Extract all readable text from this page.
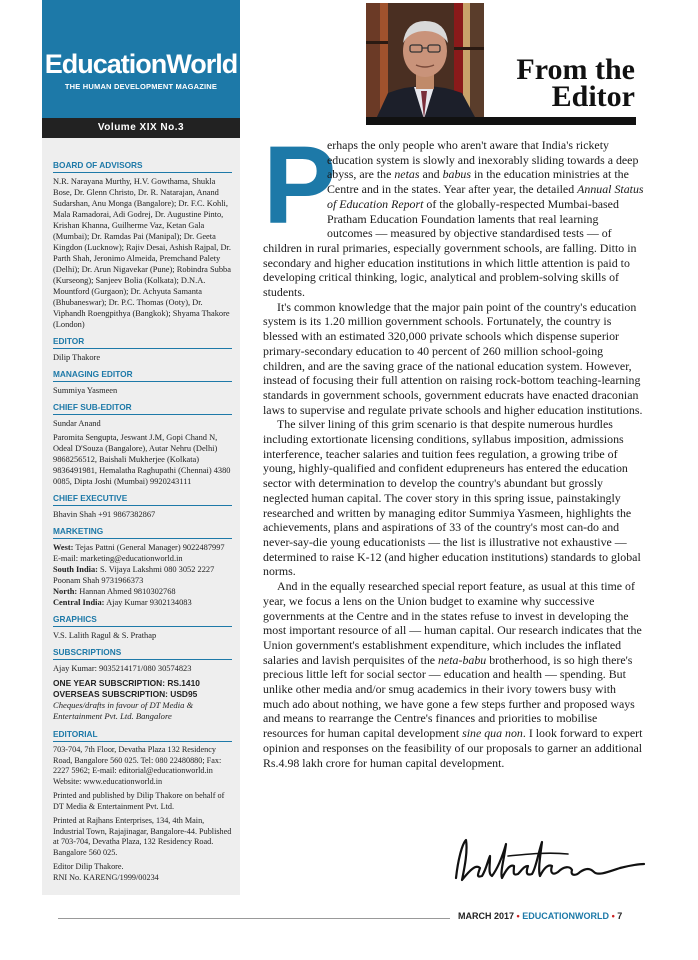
EducationWorld
THE HUMAN DEVELOPMENT MAGAZINE
Volume XIX No.3
BOARD OF ADVISORS
N.R. Narayana Murthy, H.V. Gowthama, Shukla Bose, Dr. Glenn Christo, Dr. R. Natarajan, Anand Sudarshan, Anu Monga (Bangalore); Dr. F.C. Kohli, Mala Ramadorai, Adi Godrej, Dr. Augustine Pinto, Krishan Khanna, Guilherme Vaz, Ketan Gala (Mumbai); Dr. Ramdas Pai (Manipal); Dr. Geeta Kingdon (Lucknow); Rajiv Desai, Ashish Rajpal, Dr. Parth Shah, Jeronimo Almeida, Premchand Palety (Delhi); Dr. Arun Nigavekar (Pune); Robindra Subba (Kurseong); Sanjeev Bolia (Kolkata); D.N.A. Mountford (Gurgaon); Dr. Achyuta Samanta (Bhubaneswar); Dr. P.C. Thomas (Ooty), Dr. Viphandh Roengpithya (Bangkok); Shyama Thakore (London)
EDITOR
Dilip Thakore
MANAGING EDITOR
Summiya Yasmeen
CHIEF SUB-EDITOR
Sundar Anand
Paromita Sengupta, Jeswant J.M, Gopi Chand N, Odeal D'Souza (Bangalore), Autar Nehru (Delhi) 9868256512, Baishali Mukherjee (Kolkata) 9836491981, Hemalatha Raghupathi (Chennai) 4380 0085, Dipta Joshi (Mumbai) 9920243111
CHIEF EXECUTIVE
Bhavin Shah +91 9867382867
MARKETING
West: Tejas Pattni (General Manager) 9022487997
E-mail: marketing@educationworld.in
South India: S. Vijaya Lakshmi 080 3052 2227
Poonam Shah 9731966373
North: Hannan Ahmed 9810302768
Central India: Ajay Kumar 9302134083
GRAPHICS
V.S. Lalith Ragul & S. Prathap
SUBSCRIPTIONS
Ajay Kumar: 9035214171/080 30574823
ONE YEAR SUBSCRIPTION: RS.1410
OVERSEAS SUBSCRIPTION: USD95
Cheques/drafts in favour of DT Media & Entertainment Pvt. Ltd. Bangalore
EDITORIAL
703-704, 7th Floor, Devatha Plaza 132 Residency Road, Bangalore 560 025. Tel: 080 22480880; Fax: 2227 5962; E-mail: editorial@educationworld.in Website: www.educationworld.in
Printed and published by Dilip Thakore on behalf of DT Media & Entertainment Pvt. Ltd.
Printed at Rajhans Enterprises, 134, 4th Main, Industrial Town, Rajajinagar, Bangalore-44. Published at 703-704, Devatha Plaza, 132 Residency Road. Bangalore 560 025.
Editor Dilip Thakore.
RNI No. KARENG/1999/00234
From the
Editor
P

erhaps the only people who aren't aware that India's rickety education system is slowly and inexorably sliding towards a deep abyss, are the netas and babus in the education ministries at the Centre and in the states. Year after year, the detailed Annual Status of Education Report of the globally-respected Mumbai-based Pratham Education Foundation laments that real learning outcomes — measured by objective standardised tests — of children in rural primaries, especially government schools, are falling. Ditto in secondary and higher education institutions in which little attention is paid to developing critical thinking, logic, analytical and problem-solving skills of students.

It's common knowledge that the major pain point of the country's education system is its 1.20 million government schools. Fortunately, the country is blessed with an estimated 320,000 private schools which dispense superior primary-secondary education to 40 percent of 260 million school-going children, and are the saving grace of the national education system. However, instead of focusing their full attention on raising rock-bottom teaching-learning standards in government schools, government educrats have enacted draconian laws to supervise and regulate private schools and higher education institutions.

The silver lining of this grim scenario is that despite numerous hurdles including extortionate licensing conditions, syllabus imposition, admissions interference, teacher salaries and tuition fees regulation, a growing tribe of young, highly-qualified and confident edupreneurs has entered the education sector with determination to develop the country's abundant but grossly neglected human capital. The cover story in this spring issue, painstakingly researched and written by managing editor Summiya Yasmeen, highlights the achievements, plans and aspirations of 33 of the country's most can-do and never-say-die young educationists — the list is illustrative not exhaustive — determined to raise K-12 (and higher education institutions) standards to global norms.

And in the equally researched special report feature, as usual at this time of year, we focus a lens on the Union budget to examine why successive governments at the Centre and in the states refuse to invest in developing the most important resource of all — human capital. Our research indicates that the Union government's establishment expenditure, which includes the inflated salaries and lavish perquisites of the neta-babu brotherhood, is so high there's precious little left for social sector — education and health — spending. But unlike other media and/or smug academics in their ivory towers busy with much ado about nothing, we have gone a few steps further and proposed ways and means to rearrange the Centre's finances and priorities to mobilise resources for human capital development sine qua non. I look forward to expert opinion and responses on the feasibility of our proposals to garner an additional Rs.4.98 lakh crore for human capital development.

MARCH 2017 • EDUCATIONWORLD • 7
